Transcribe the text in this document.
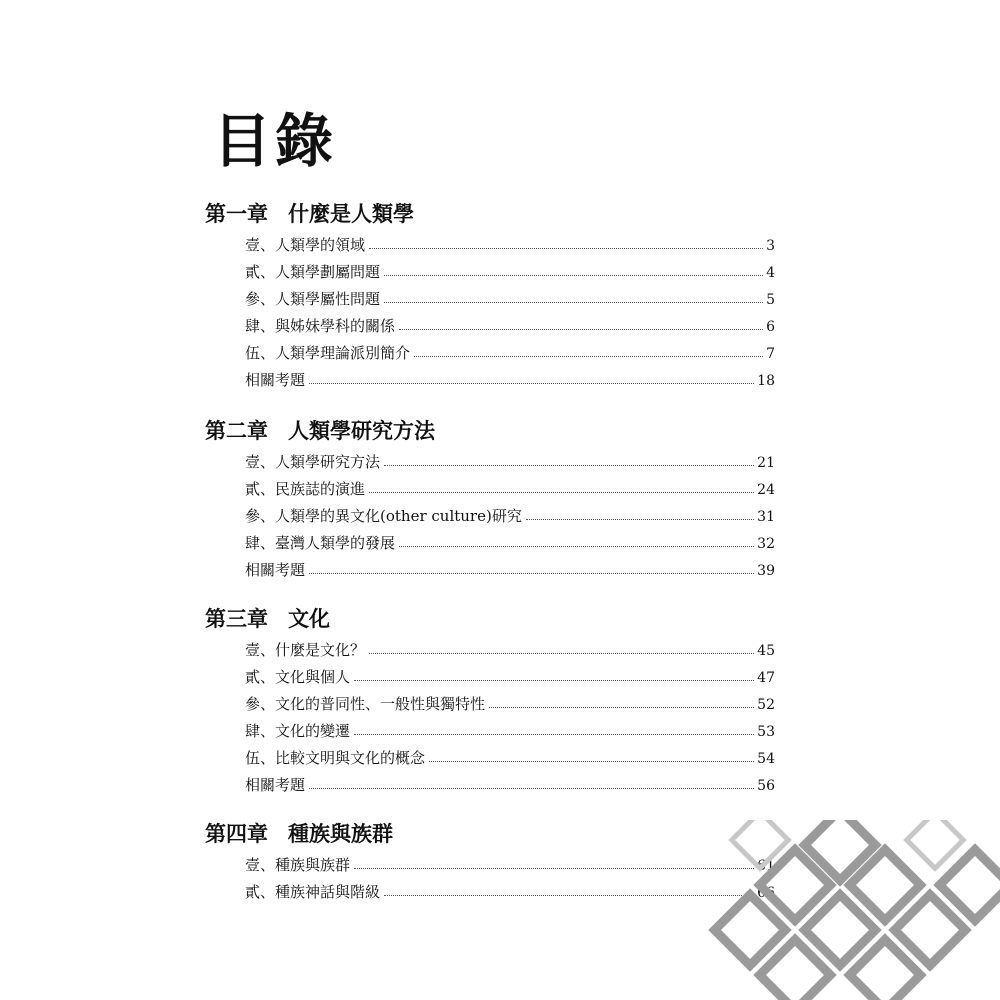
目錄
第一章 什麼是人類學
壹、人類學的領域	3
貳、人類學劃屬問題	4
參、人類學屬性問題	5
肆、與姊妹學科的關係	6
伍、人類學理論派別簡介	7
相關考題	18
第二章 人類學研究方法
壹、人類學研究方法	21
貳、民族誌的演進	24
參、人類學的異文化(other culture)研究	31
肆、臺灣人類學的發展	32
相關考題	39
第三章 文化
壹、什麼是文化？	45
貳、文化與個人	47
參、文化的普同性、一般性與獨特性	52
肆、文化的變遷	53
伍、比較文明與文化的概念	54
相關考題	56
第四章 種族與族群
壹、種族與族群	61
貳、種族神話與階級	66
